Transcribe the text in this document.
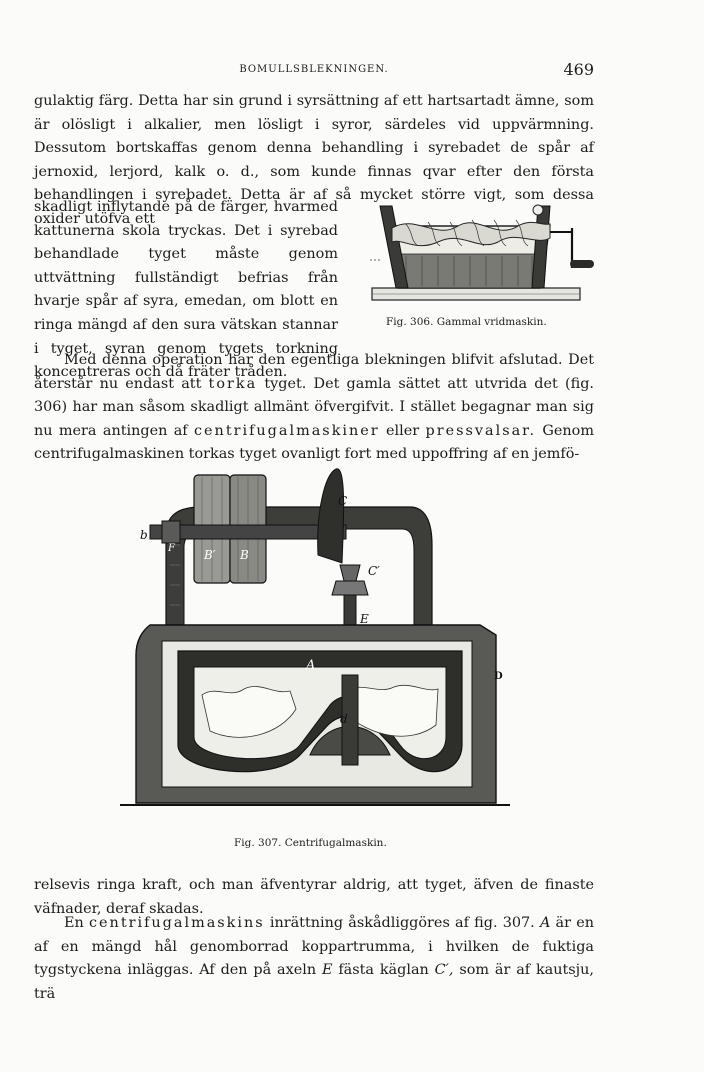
BOMULLSBLEKNINGEN.	469

gulaktig färg. Detta har sin grund i syrsättning af ett hartsartadt ämne, som är olösligt i alkalier, men lösligt i syror, särdeles vid uppvärmning. Dessutom bortskaffas genom denna behandling i syrebadet de spår af jernoxid, lerjord, kalk o. d., som kunde finnas qvar efter den första behandlingen i syrebadet. Detta är af så mycket större vigt, som dessa oxider utöfva ett

skadligt inflytande på de färger, hvarmed kattunerna skola tryckas. Det i syrebad behandlade tyget måste genom uttvättning fullständigt befrias från hvarje spår af syra, emedan, om blott en ringa mängd af den sura vätskan stannar i tyget, syran genom tygets torkning koncentreras och då fräter tråden.

Fig. 306. Gammal vridmaskin.

Med denna operation har den egentliga blekningen blifvit afslutad. Det återstår nu endast att torka tyget. Det gamla sättet att utvrida det (fig. 306) har man såsom skadligt allmänt öfvergifvit. I stället begagnar man sig nu mera antingen af centrifugalmaskiner eller pressvalsar. Genom centrifugalmaskinen torkas tyget ovanligt fort med uppoffring af en jemfö-

b
F B′ B
C
C′
E
A
D
d
Fig. 307. Centrifugalmaskin.

relsevis ringa kraft, och man äfventyrar aldrig, att tyget, äfven de finaste väfnader, deraf skadas.

En centrifugalmaskins inrättning åskådliggöres af fig. 307. A är en af en mängd hål genomborrad koppartrumma, i hvilken de fuktiga tygstyckena inläggas. Af den på axeln E fästa käglan C′, som är af kautsju, trä
